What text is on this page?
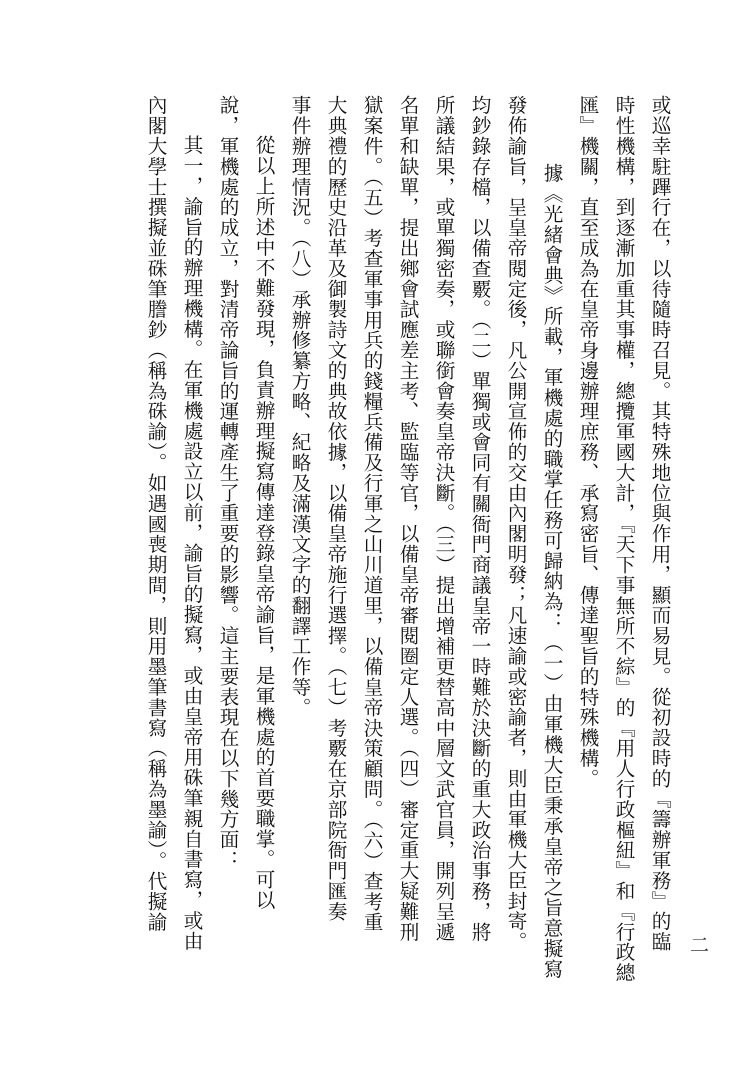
二
或巡幸駐蹕行在，以待隨時召見。其特殊地位與作用，顯而易見。從初設時的『籌辦軍務』的臨
時性機構，到逐漸加重其事權，總攬軍國大計，『天下事無所不綜』的『用人行政樞紐』和『行政總
匯』機關，直至成為在皇帝身邊辦理庶務、承寫密旨、傳達聖旨的特殊機構。
據《光緒會典》所載，軍機處的職掌任務可歸納為：（一）由軍機大臣秉承皇帝之旨意擬寫
發佈諭旨，呈皇帝閱定後，凡公開宣佈的交由內閣明發；凡速諭或密諭者，則由軍機大臣封寄。
均鈔錄存檔，以備查覈。（二）單獨或會同有關衙門商議皇帝一時難於決斷的重大政治事務，將
所議結果，或單獨密奏，或聯銜會奏皇帝決斷。（三）提出增補更替高中層文武官員，開列呈遞
名單和缺單，提出鄉會試應差主考、監臨等官，以備皇帝審閱圈定人選。（四）審定重大疑難刑
獄案件。（五）考查軍事用兵的錢糧兵備及行軍之山川道里，以備皇帝決策顧問。（六）查考重
大典禮的歷史沿革及御製詩文的典故依據，以備皇帝施行選擇。（七）考覈在京部院衙門匯奏
事件辦理情況。（八）承辦修纂方略、紀略及滿漢文字的翻譯工作等。
從以上所述中不難發現，負責辦理擬寫傳達登錄皇帝諭旨，是軍機處的首要職掌。可以
說，軍機處的成立，對清帝論旨的運轉產生了重要的影響。這主要表現在以下幾方面：
其一，諭旨的辦理機構。在軍機處設立以前，諭旨的擬寫，或由皇帝用硃筆親自書寫，或由
內閣大學士撰擬並硃筆謄鈔（稱為硃諭）。如遇國喪期間，則用墨筆書寫（稱為墨諭）。代擬諭
